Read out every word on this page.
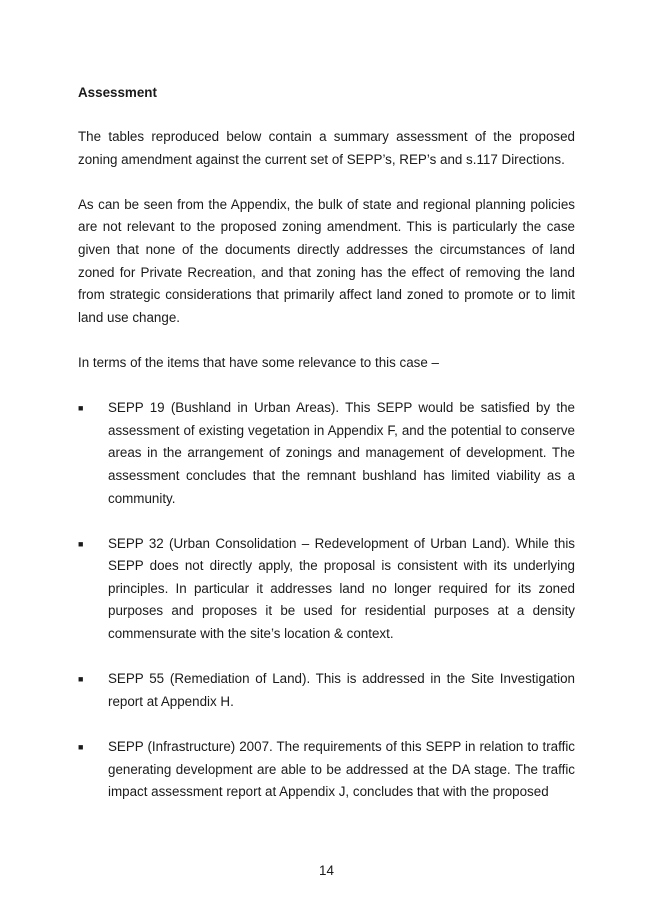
Assessment

The tables reproduced below contain a summary assessment of the proposed zoning amendment against the current set of SEPP’s, REP’s and s.117 Directions.

As can be seen from the Appendix, the bulk of state and regional planning policies are not relevant to the proposed zoning amendment. This is particularly the case given that none of the documents directly addresses the circumstances of land zoned for Private Recreation, and that zoning has the effect of removing the land from strategic considerations that primarily affect land zoned to promote or to limit land use change.

In terms of the items that have some relevance to this case –

■ SEPP 19 (Bushland in Urban Areas). This SEPP would be satisfied by the assessment of existing vegetation in Appendix F, and the potential to conserve areas in the arrangement of zonings and management of development. The assessment concludes that the remnant bushland has limited viability as a community.
■ SEPP 32 (Urban Consolidation – Redevelopment of Urban Land). While this SEPP does not directly apply, the proposal is consistent with its underlying principles. In particular it addresses land no longer required for its zoned purposes and proposes it be used for residential purposes at a density commensurate with the site’s location & context.
■ SEPP 55 (Remediation of Land). This is addressed in the Site Investigation report at Appendix H.
■ SEPP (Infrastructure) 2007. The requirements of this SEPP in relation to traffic generating development are able to be addressed at the DA stage. The traffic impact assessment report at Appendix J, concludes that with the proposed
14
